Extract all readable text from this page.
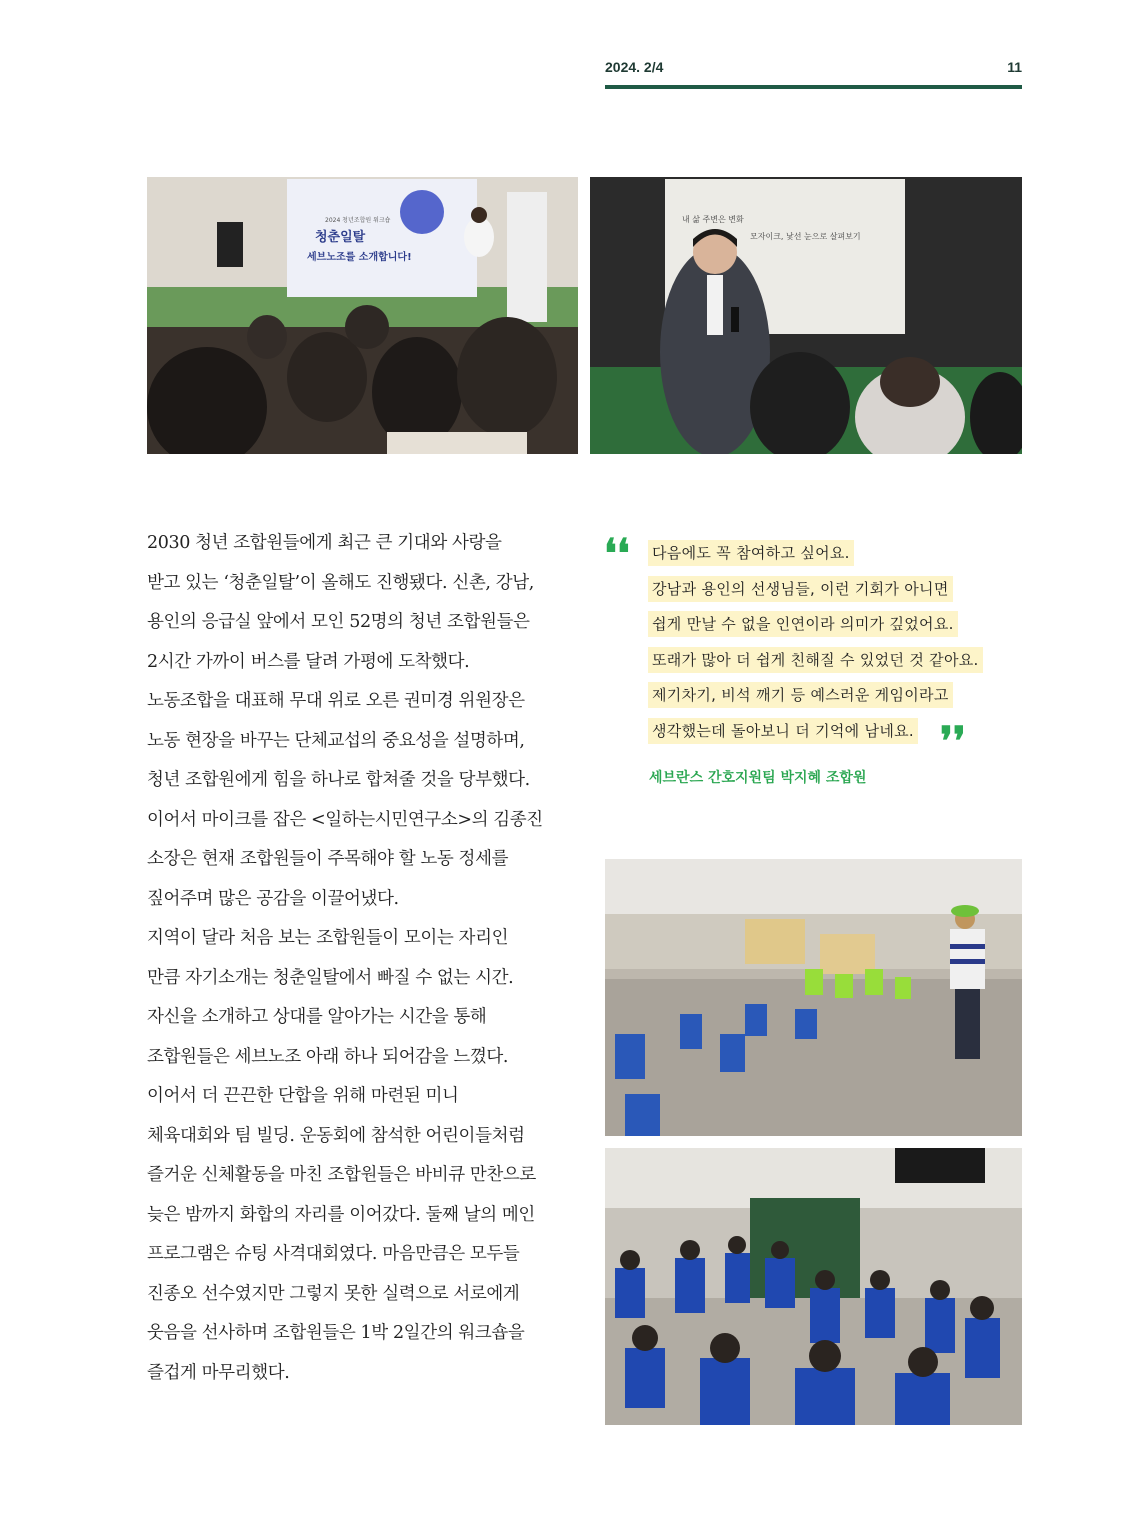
2024. 2/4	11
2024 청년조합원 워크숍
청춘일탈
세브노조를 소개합니다!
내 삶 주변은 변화
모자이크, 낯선 눈으로 살펴보기
2030 청년 조합원들에게 최근 큰 기대와 사랑을
받고 있는 ‘청춘일탈’이 올해도 진행됐다. 신촌, 강남,
용인의 응급실 앞에서 모인 52명의 청년 조합원들은
2시간 가까이 버스를 달려 가평에 도착했다.
노동조합을 대표해 무대 위로 오른 권미경 위원장은
노동 현장을 바꾸는 단체교섭의 중요성을 설명하며,
청년 조합원에게 힘을 하나로 합쳐줄 것을 당부했다.
이어서 마이크를 잡은 <일하는시민연구소>의 김종진
소장은 현재 조합원들이 주목해야 할 노동 정세를
짚어주며 많은 공감을 이끌어냈다.
지역이 달라 처음 보는 조합원들이 모이는 자리인
만큼 자기소개는 청춘일탈에서 빠질 수 없는 시간.
자신을 소개하고 상대를 알아가는 시간을 통해
조합원들은 세브노조 아래 하나 되어감을 느꼈다.
이어서 더 끈끈한 단합을 위해 마련된 미니
체육대회와 팀 빌딩. 운동회에 참석한 어린이들처럼
즐거운 신체활동을 마친 조합원들은 바비큐 만찬으로
늦은 밤까지 화합의 자리를 이어갔다. 둘째 날의 메인
프로그램은 슈팅 사격대회였다. 마음만큼은 모두들
진종오 선수였지만 그렇지 못한 실력으로 서로에게
웃음을 선사하며 조합원들은 1박 2일간의 워크숍을
즐겁게 마무리했다.
❛❛ 다음에도 꼭 참여하고 싶어요.
강남과 용인의 선생님들, 이런 기회가 아니면
쉽게 만날 수 없을 인연이라 의미가 깊었어요.
또래가 많아 더 쉽게 친해질 수 있었던 것 같아요.
제기차기, 비석 깨기 등 예스러운 게임이라고
생각했는데 돌아보니 더 기억에 남네요. ❜❜
세브란스 간호지원팀 박지혜 조합원
